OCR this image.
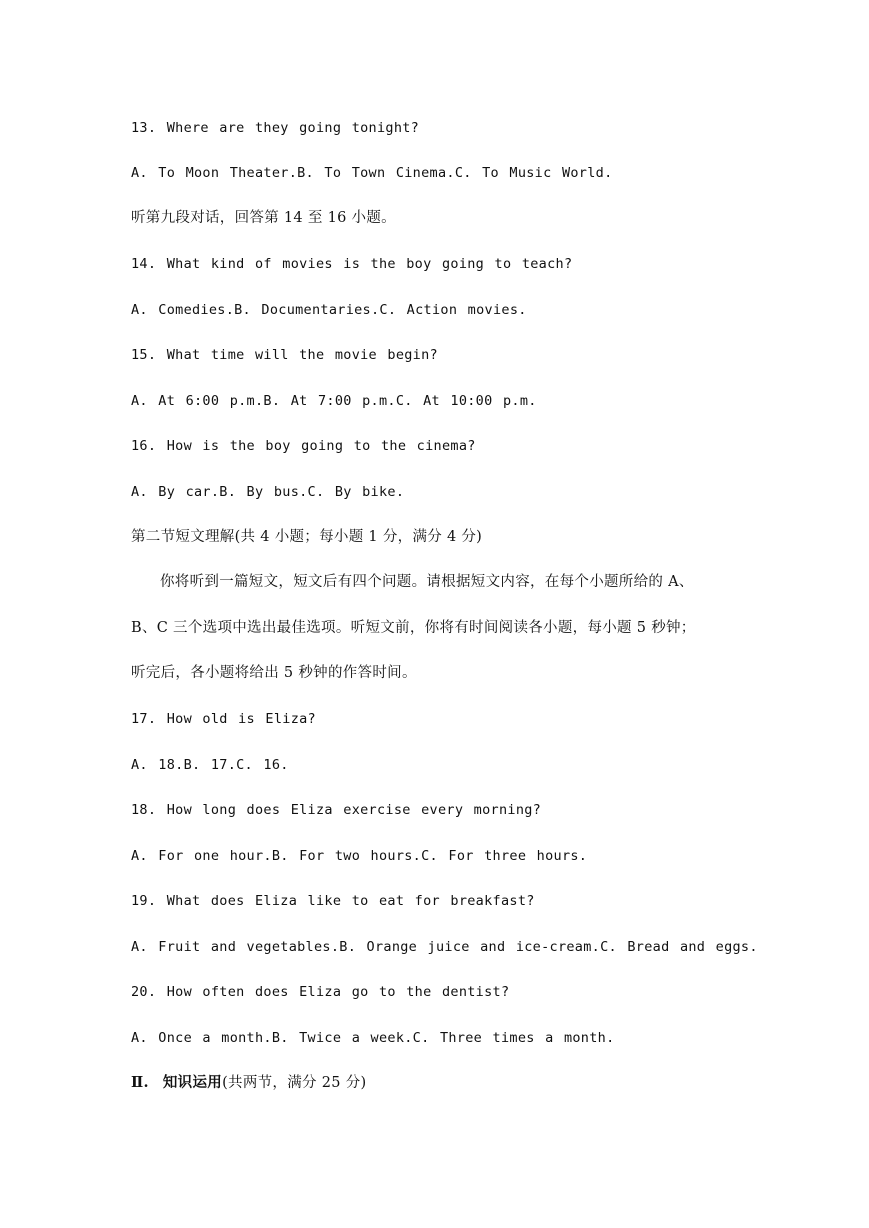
13. Where are they going tonight?
A. To Moon Theater.B. To Town Cinema.C. To Music World.
听第九段对话，回答第 14 至 16 小题。
14. What kind of movies is the boy going to teach?
A. Comedies.B. Documentaries.C. Action movies.
15. What time will the movie begin?
A. At 6:00 p.m.B. At 7:00 p.m.C. At 10:00 p.m.
16. How is the boy going to the cinema?
A. By car.B. By bus.C. By bike.
第二节短文理解(共 4 小题；每小题 1 分，满分 4 分)
你将听到一篇短文，短文后有四个问题。请根据短文内容，在每个小题所给的 A、
B、C 三个选项中选出最佳选项。听短文前，你将有时间阅读各小题，每小题 5 秒钟；
听完后，各小题将给出 5 秒钟的作答时间。
17. How old is Eliza?
A. 18.B. 17.C. 16.
18. How long does Eliza exercise every morning?
A. For one hour.B. For two hours.C. For three hours.
19. What does Eliza like to eat for breakfast?
A. Fruit and vegetables.B. Orange juice and ice-cream.C. Bread and eggs.
20. How often does Eliza go to the dentist?
A. Once a month.B. Twice a week.C. Three times a month.
Ⅱ. 知识运用(共两节，满分 25 分)
